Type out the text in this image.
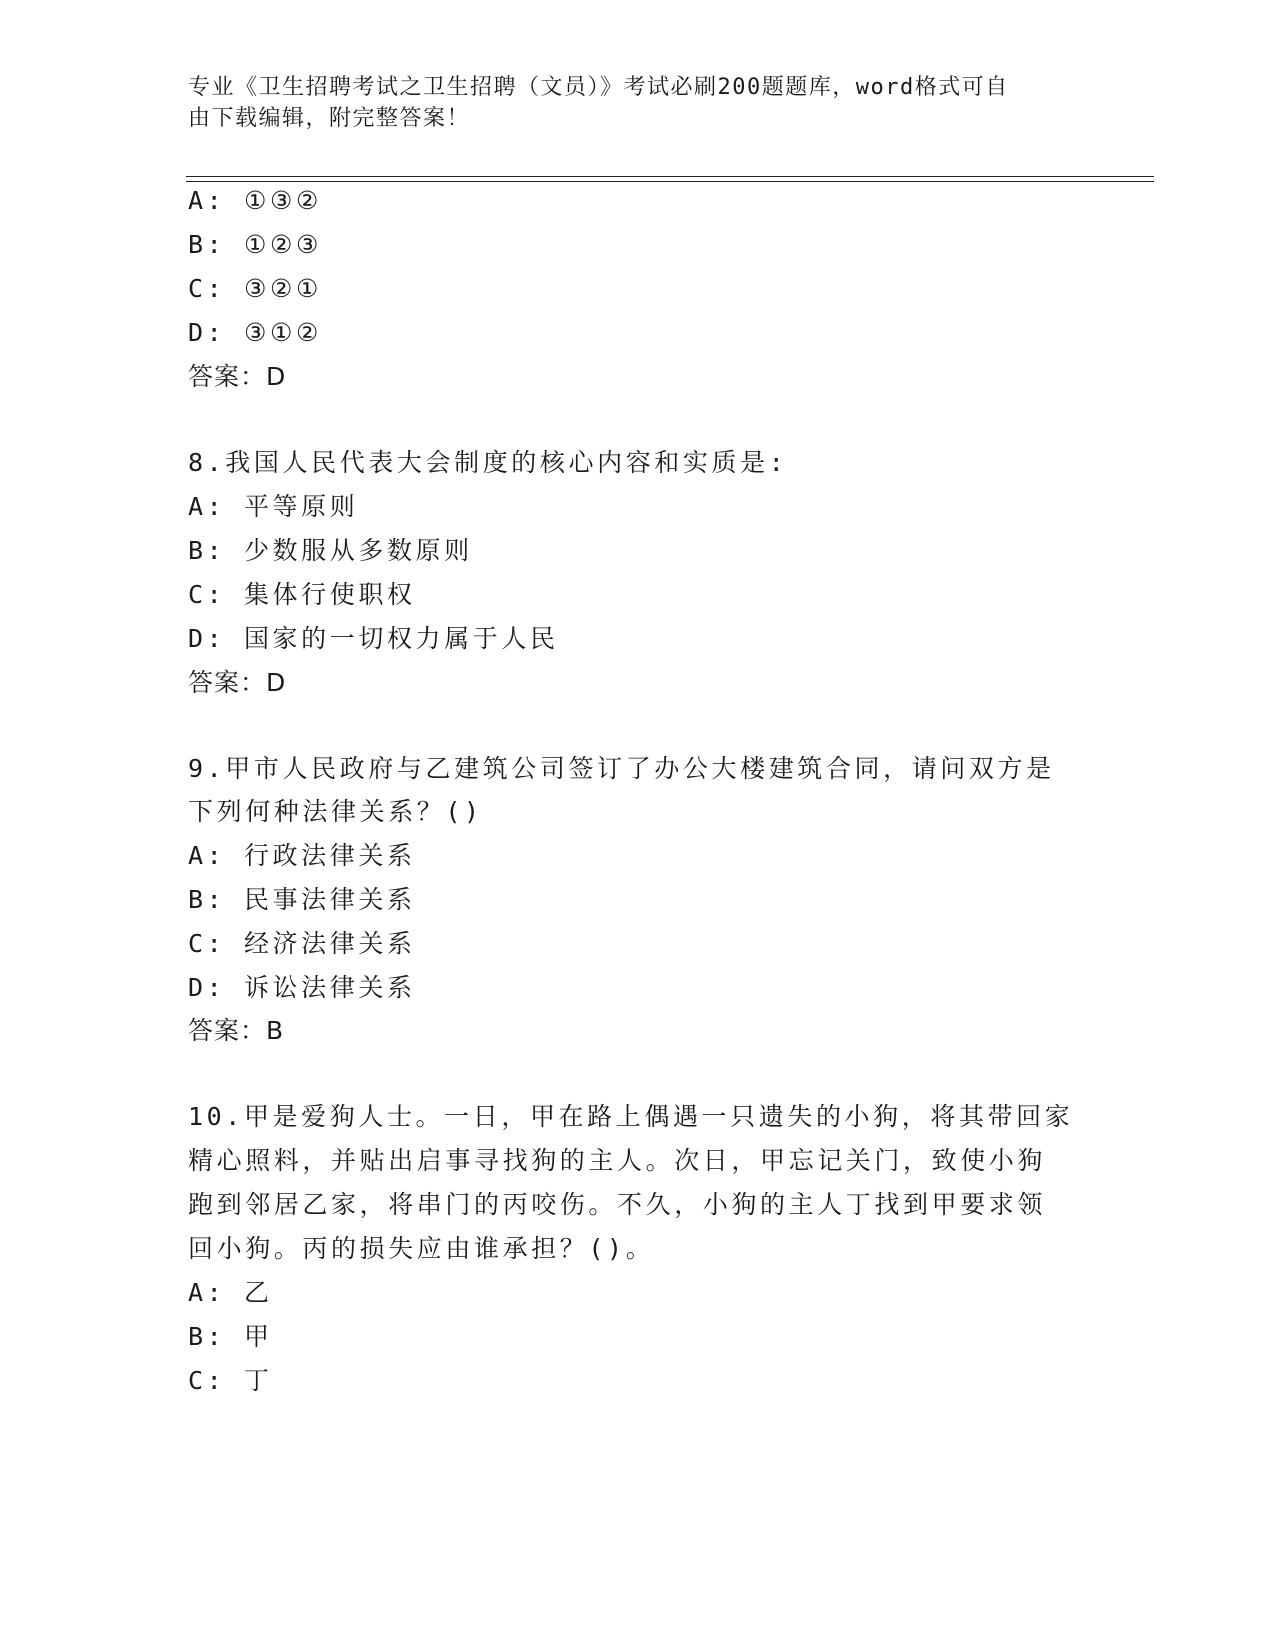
专业《卫生招聘考试之卫生招聘（文员）》考试必刷200题题库，word格式可自
由下载编辑，附完整答案！
A: ①③②
B: ①②③
C: ③②①
D: ③①②
答案：D
8.我国人民代表大会制度的核心内容和实质是:
A: 平等原则
B: 少数服从多数原则
C: 集体行使职权
D: 国家的一切权力属于人民
答案：D
9.甲市人民政府与乙建筑公司签订了办公大楼建筑合同，请问双方是
下列何种法律关系？()
A: 行政法律关系
B: 民事法律关系
C: 经济法律关系
D: 诉讼法律关系
答案：B
10.甲是爱狗人士。一日，甲在路上偶遇一只遗失的小狗，将其带回家
精心照料，并贴出启事寻找狗的主人。次日，甲忘记关门，致使小狗
跑到邻居乙家，将串门的丙咬伤。不久，小狗的主人丁找到甲要求领
回小狗。丙的损失应由谁承担？()。
A: 乙
B: 甲
C: 丁
